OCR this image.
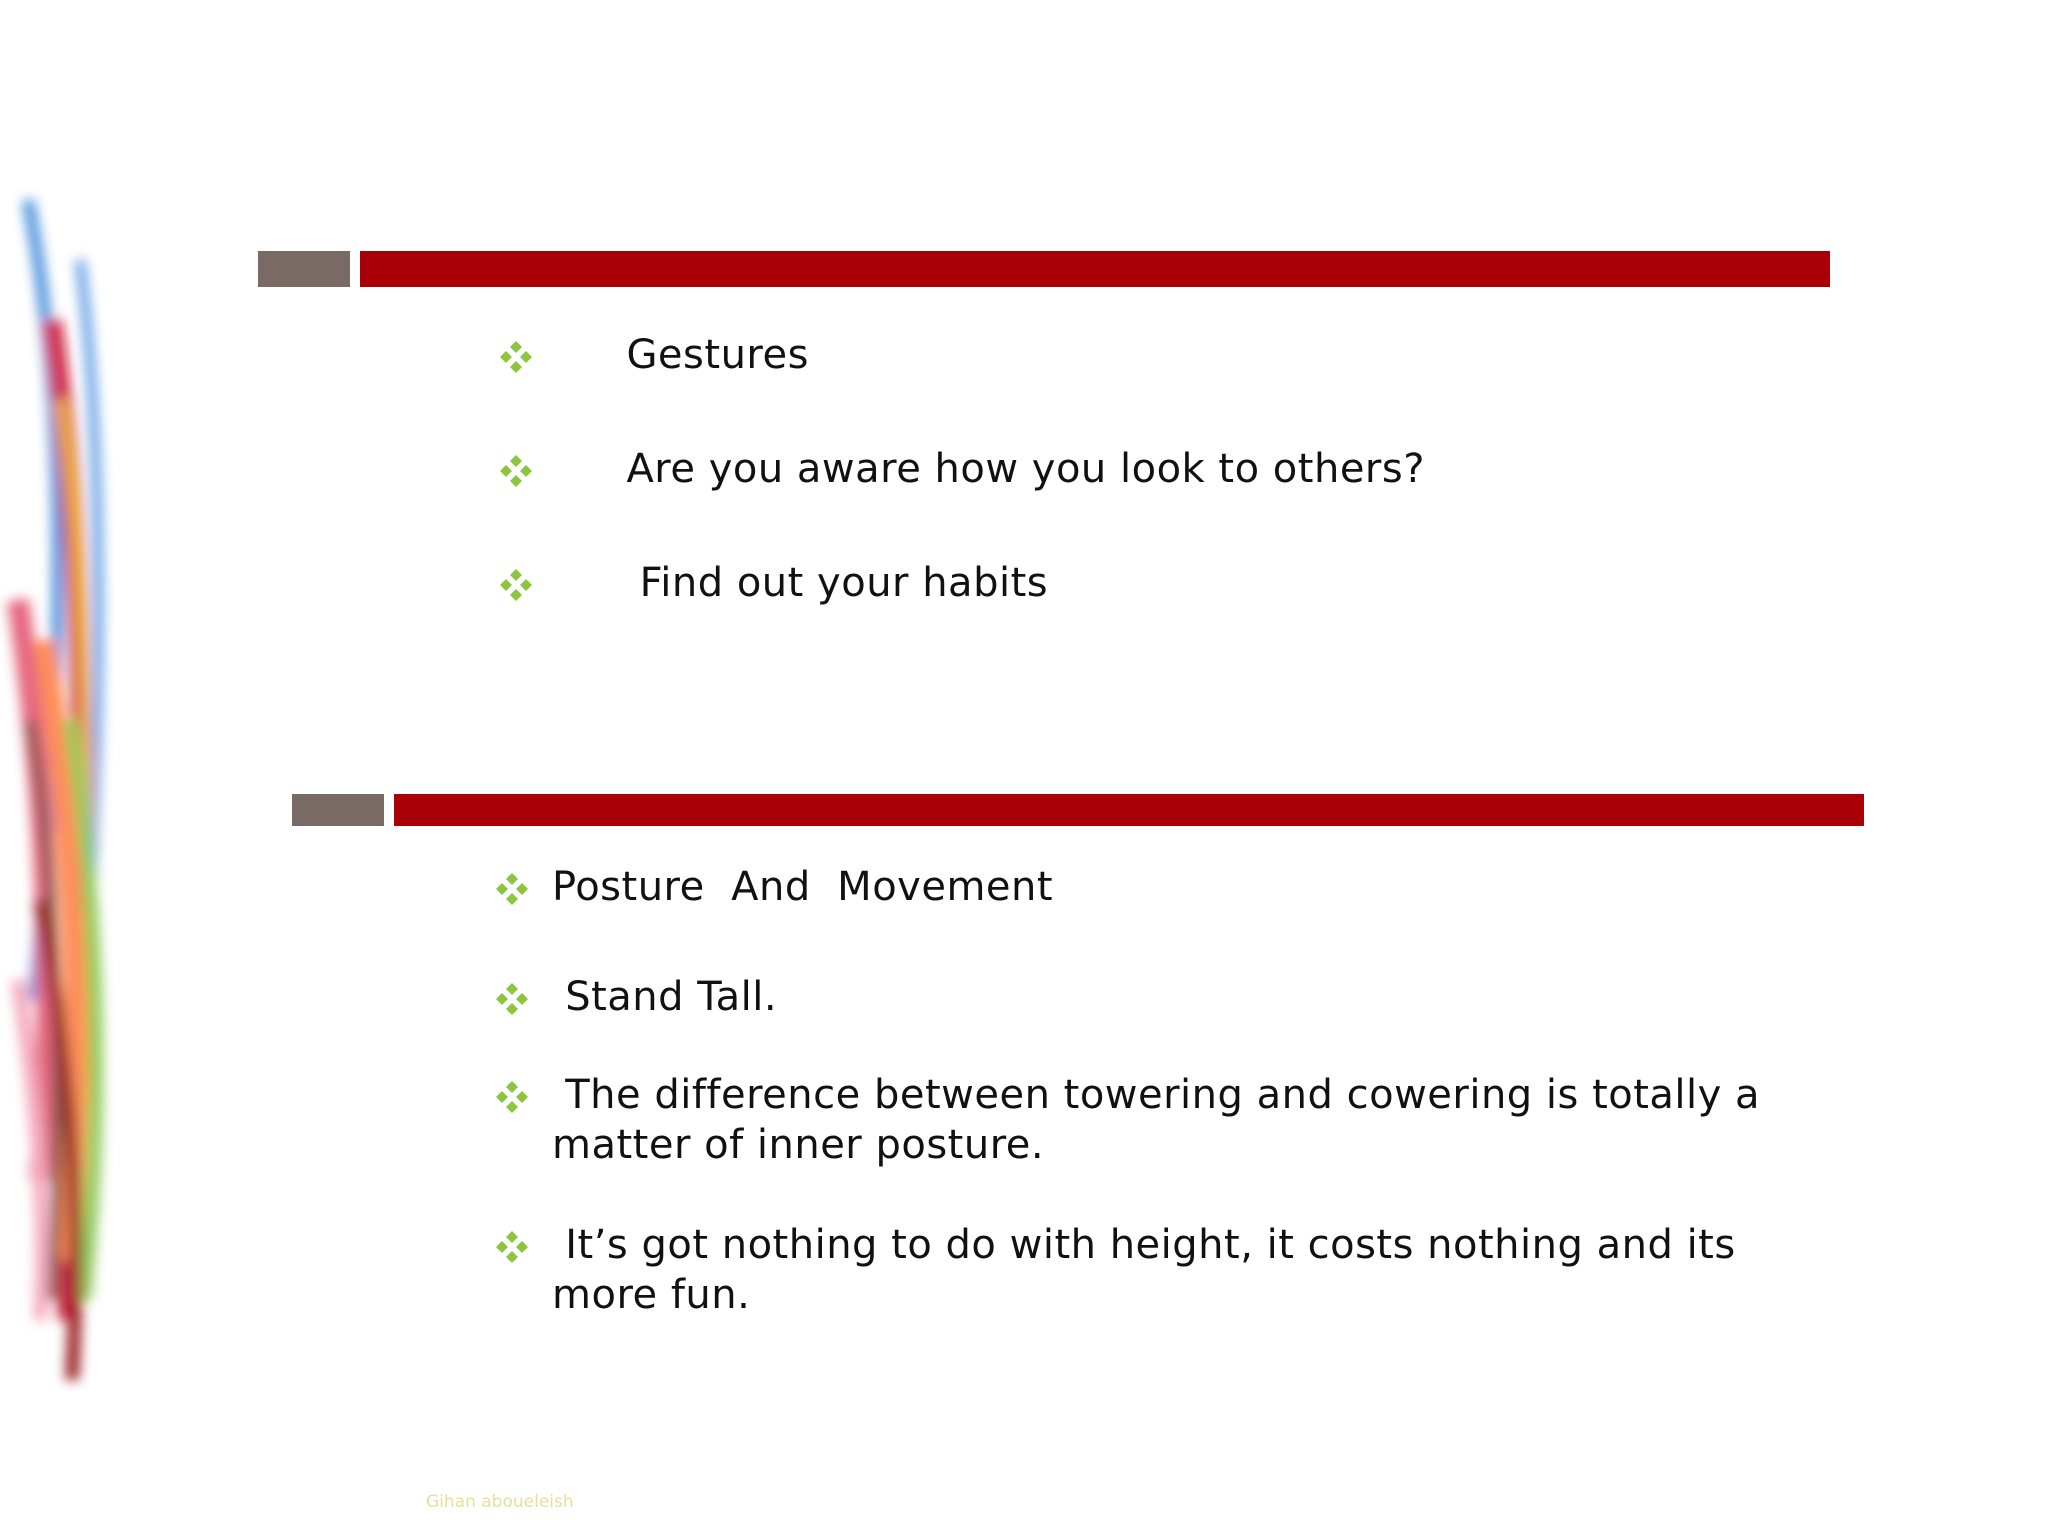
Gestures
Are you aware how you look to others?
Find out your habits
Posture  And  Movement
Stand Tall.
The difference between towering and cowering is totally a matter of inner posture.
It’s got nothing to do with height, it costs nothing and its more fun.
Gihan aboueleish
